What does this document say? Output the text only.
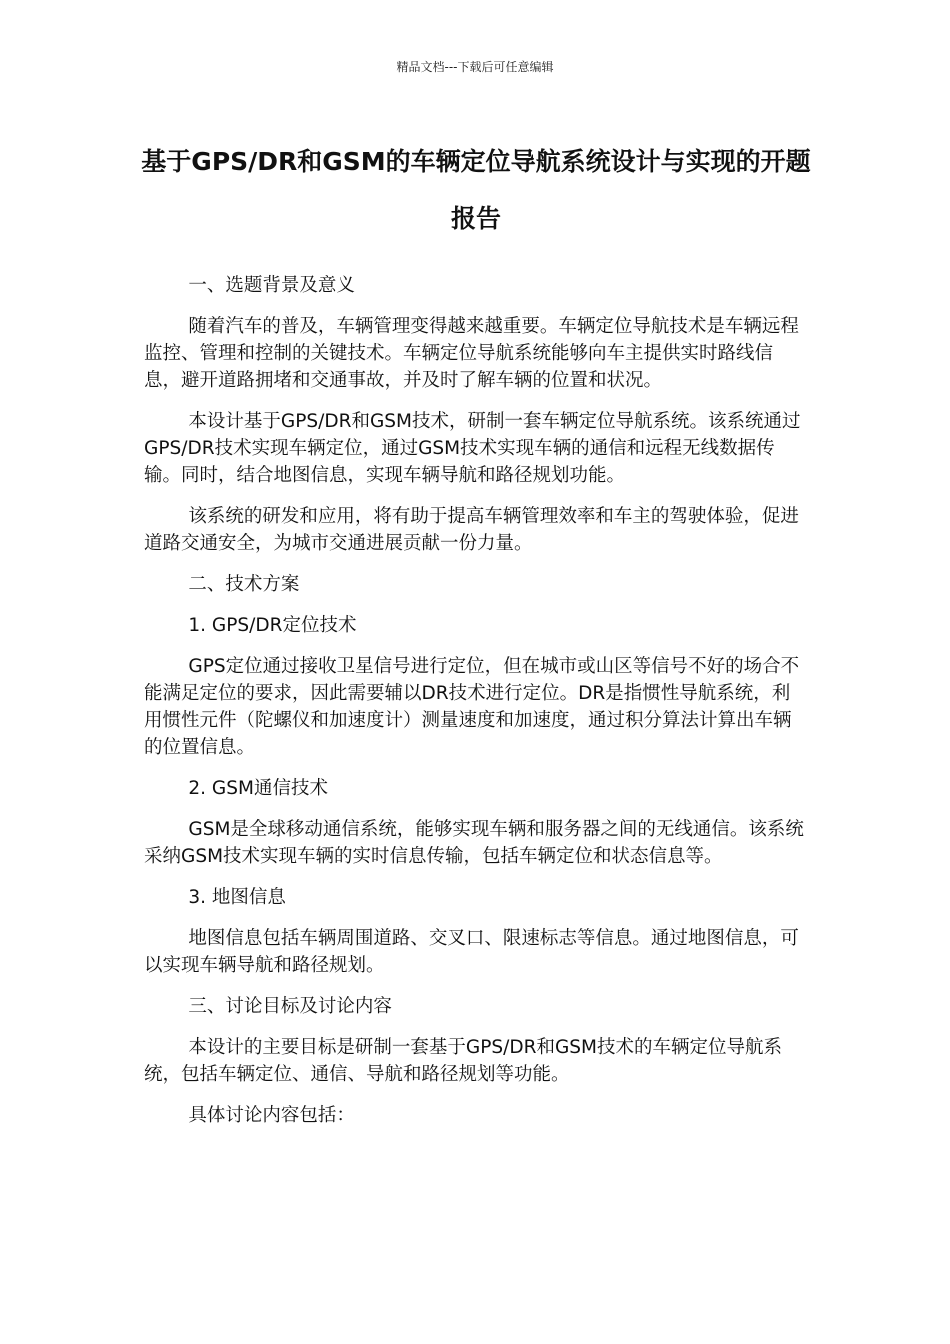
精品文档---下载后可任意编辑
基于GPS/DR和GSM的车辆定位导航系统设计与实现的开题报告

一、选题背景及意义

随着汽车的普及，车辆管理变得越来越重要。车辆定位导航技术是车辆远程监控、管理和控制的关键技术。车辆定位导航系统能够向车主提供实时路线信息，避开道路拥堵和交通事故，并及时了解车辆的位置和状况。

本设计基于GPS/DR和GSM技术，研制一套车辆定位导航系统。该系统通过GPS/DR技术实现车辆定位，通过GSM技术实现车辆的通信和远程无线数据传输。同时，结合地图信息，实现车辆导航和路径规划功能。

该系统的研发和应用，将有助于提高车辆管理效率和车主的驾驶体验，促进道路交通安全，为城市交通进展贡献一份力量。

二、技术方案

1. GPS/DR定位技术

GPS定位通过接收卫星信号进行定位，但在城市或山区等信号不好的场合不能满足定位的要求，因此需要辅以DR技术进行定位。DR是指惯性导航系统，利用惯性元件（陀螺仪和加速度计）测量速度和加速度，通过积分算法计算出车辆的位置信息。

2. GSM通信技术

GSM是全球移动通信系统，能够实现车辆和服务器之间的无线通信。该系统采纳GSM技术实现车辆的实时信息传输，包括车辆定位和状态信息等。

3. 地图信息

地图信息包括车辆周围道路、交叉口、限速标志等信息。通过地图信息，可以实现车辆导航和路径规划。

三、讨论目标及讨论内容

本设计的主要目标是研制一套基于GPS/DR和GSM技术的车辆定位导航系统，包括车辆定位、通信、导航和路径规划等功能。

具体讨论内容包括：
